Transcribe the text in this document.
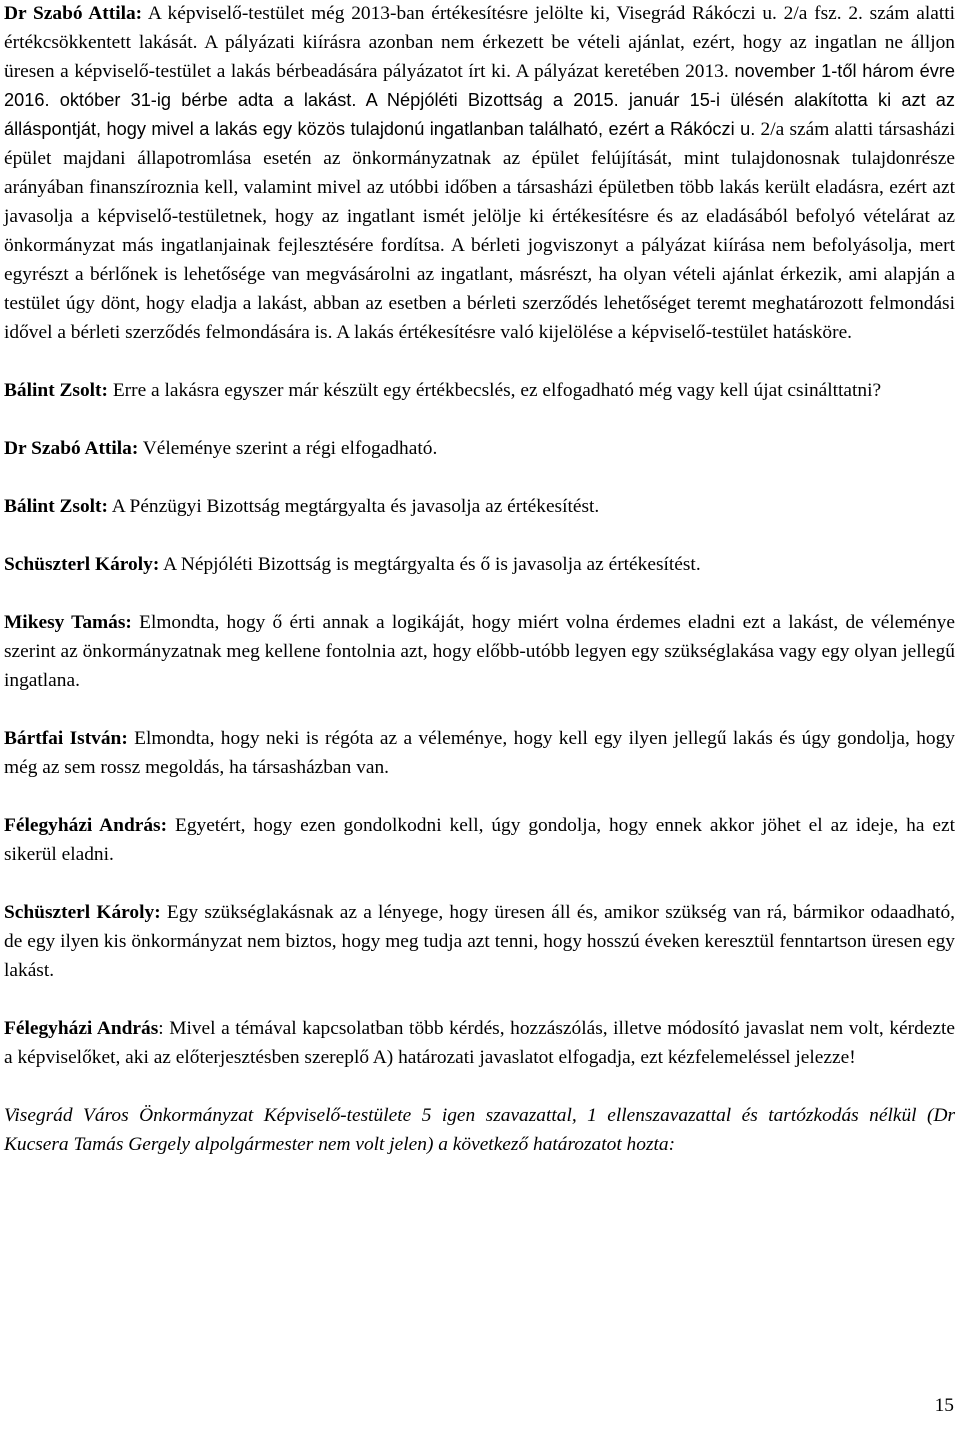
Dr Szabó Attila: A képviselő-testület még 2013-ban értékesítésre jelölte ki, Visegrád Rákóczi u. 2/a fsz. 2. szám alatti értékcsökkentett lakását. A pályázati kiírásra azonban nem érkezett be vételi ajánlat, ezért, hogy az ingatlan ne álljon üresen a képviselő-testület a lakás bérbeadására pályázatot írt ki. A pályázat keretében 2013. november 1-től három évre 2016. október 31-ig bérbe adta a lakást. A Népjóléti Bizottság a 2015. január 15-i ülésén alakította ki azt az álláspontját, hogy mivel a lakás egy közös tulajdonú ingatlanban található, ezért a Rákóczi u. 2/a szám alatti társasházi épület majdani állapotromlása esetén az önkormányzatnak az épület felújítását, mint tulajdonosnak tulajdonrésze arányában finanszíroznia kell, valamint mivel az utóbbi időben a társasházi épületben több lakás került eladásra, ezért azt javasolja a képviselő-testületnek, hogy az ingatlant ismét jelölje ki értékesítésre és az eladásából befolyó vételárat az önkormányzat más ingatlanjainak fejlesztésére fordítsa. A bérleti jogviszonyt a pályázat kiírása nem befolyásolja, mert egyrészt a bérlőnek is lehetősége van megvásárolni az ingatlant, másrészt, ha olyan vételi ajánlat érkezik, ami alapján a testület úgy dönt, hogy eladja a lakást, abban az esetben a bérleti szerződés lehetőséget teremt meghatározott felmondási idővel a bérleti szerződés felmondására is. A lakás értékesítésre való kijelölése a képviselő-testület hatásköre.

Bálint Zsolt: Erre a lakásra egyszer már készült egy értékbecslés, ez elfogadható még vagy kell újat csinálttatni?

Dr Szabó Attila: Véleménye szerint a régi elfogadható.

Bálint Zsolt: A Pénzügyi Bizottság megtárgyalta és javasolja az értékesítést.

Schüszterl Károly: A Népjóléti Bizottság is megtárgyalta és ő is javasolja az értékesítést.

Mikesy Tamás: Elmondta, hogy ő érti annak a logikáját, hogy miért volna érdemes eladni ezt a lakást, de véleménye szerint az önkormányzatnak meg kellene fontolnia azt, hogy előbb-utóbb legyen egy szükséglakása vagy egy olyan jellegű ingatlana.

Bártfai István: Elmondta, hogy neki is régóta az a véleménye, hogy kell egy ilyen jellegű lakás és úgy gondolja, hogy még az sem rossz megoldás, ha társasházban van.

Félegyházi András: Egyetért, hogy ezen gondolkodni kell, úgy gondolja, hogy ennek akkor jöhet el az ideje, ha ezt sikerül eladni.

Schüszterl Károly: Egy szükséglakásnak az a lényege, hogy üresen áll és, amikor szükség van rá, bármikor odaadható, de egy ilyen kis önkormányzat nem biztos, hogy meg tudja azt tenni, hogy hosszú éveken keresztül fenntartson üresen egy lakást.

Félegyházi András: Mivel a témával kapcsolatban több kérdés, hozzászólás, illetve módosító javaslat nem volt, kérdezte a képviselőket, aki az előterjesztésben szereplő A) határozati javaslatot elfogadja, ezt kézfelemeléssel jelezze!

Visegrád Város Önkormányzat Képviselő-testülete 5 igen szavazattal, 1 ellenszavazattal és tartózkodás nélkül (Dr Kucsera Tamás Gergely alpolgármester nem volt jelen) a következő határozatot hozta:

15
